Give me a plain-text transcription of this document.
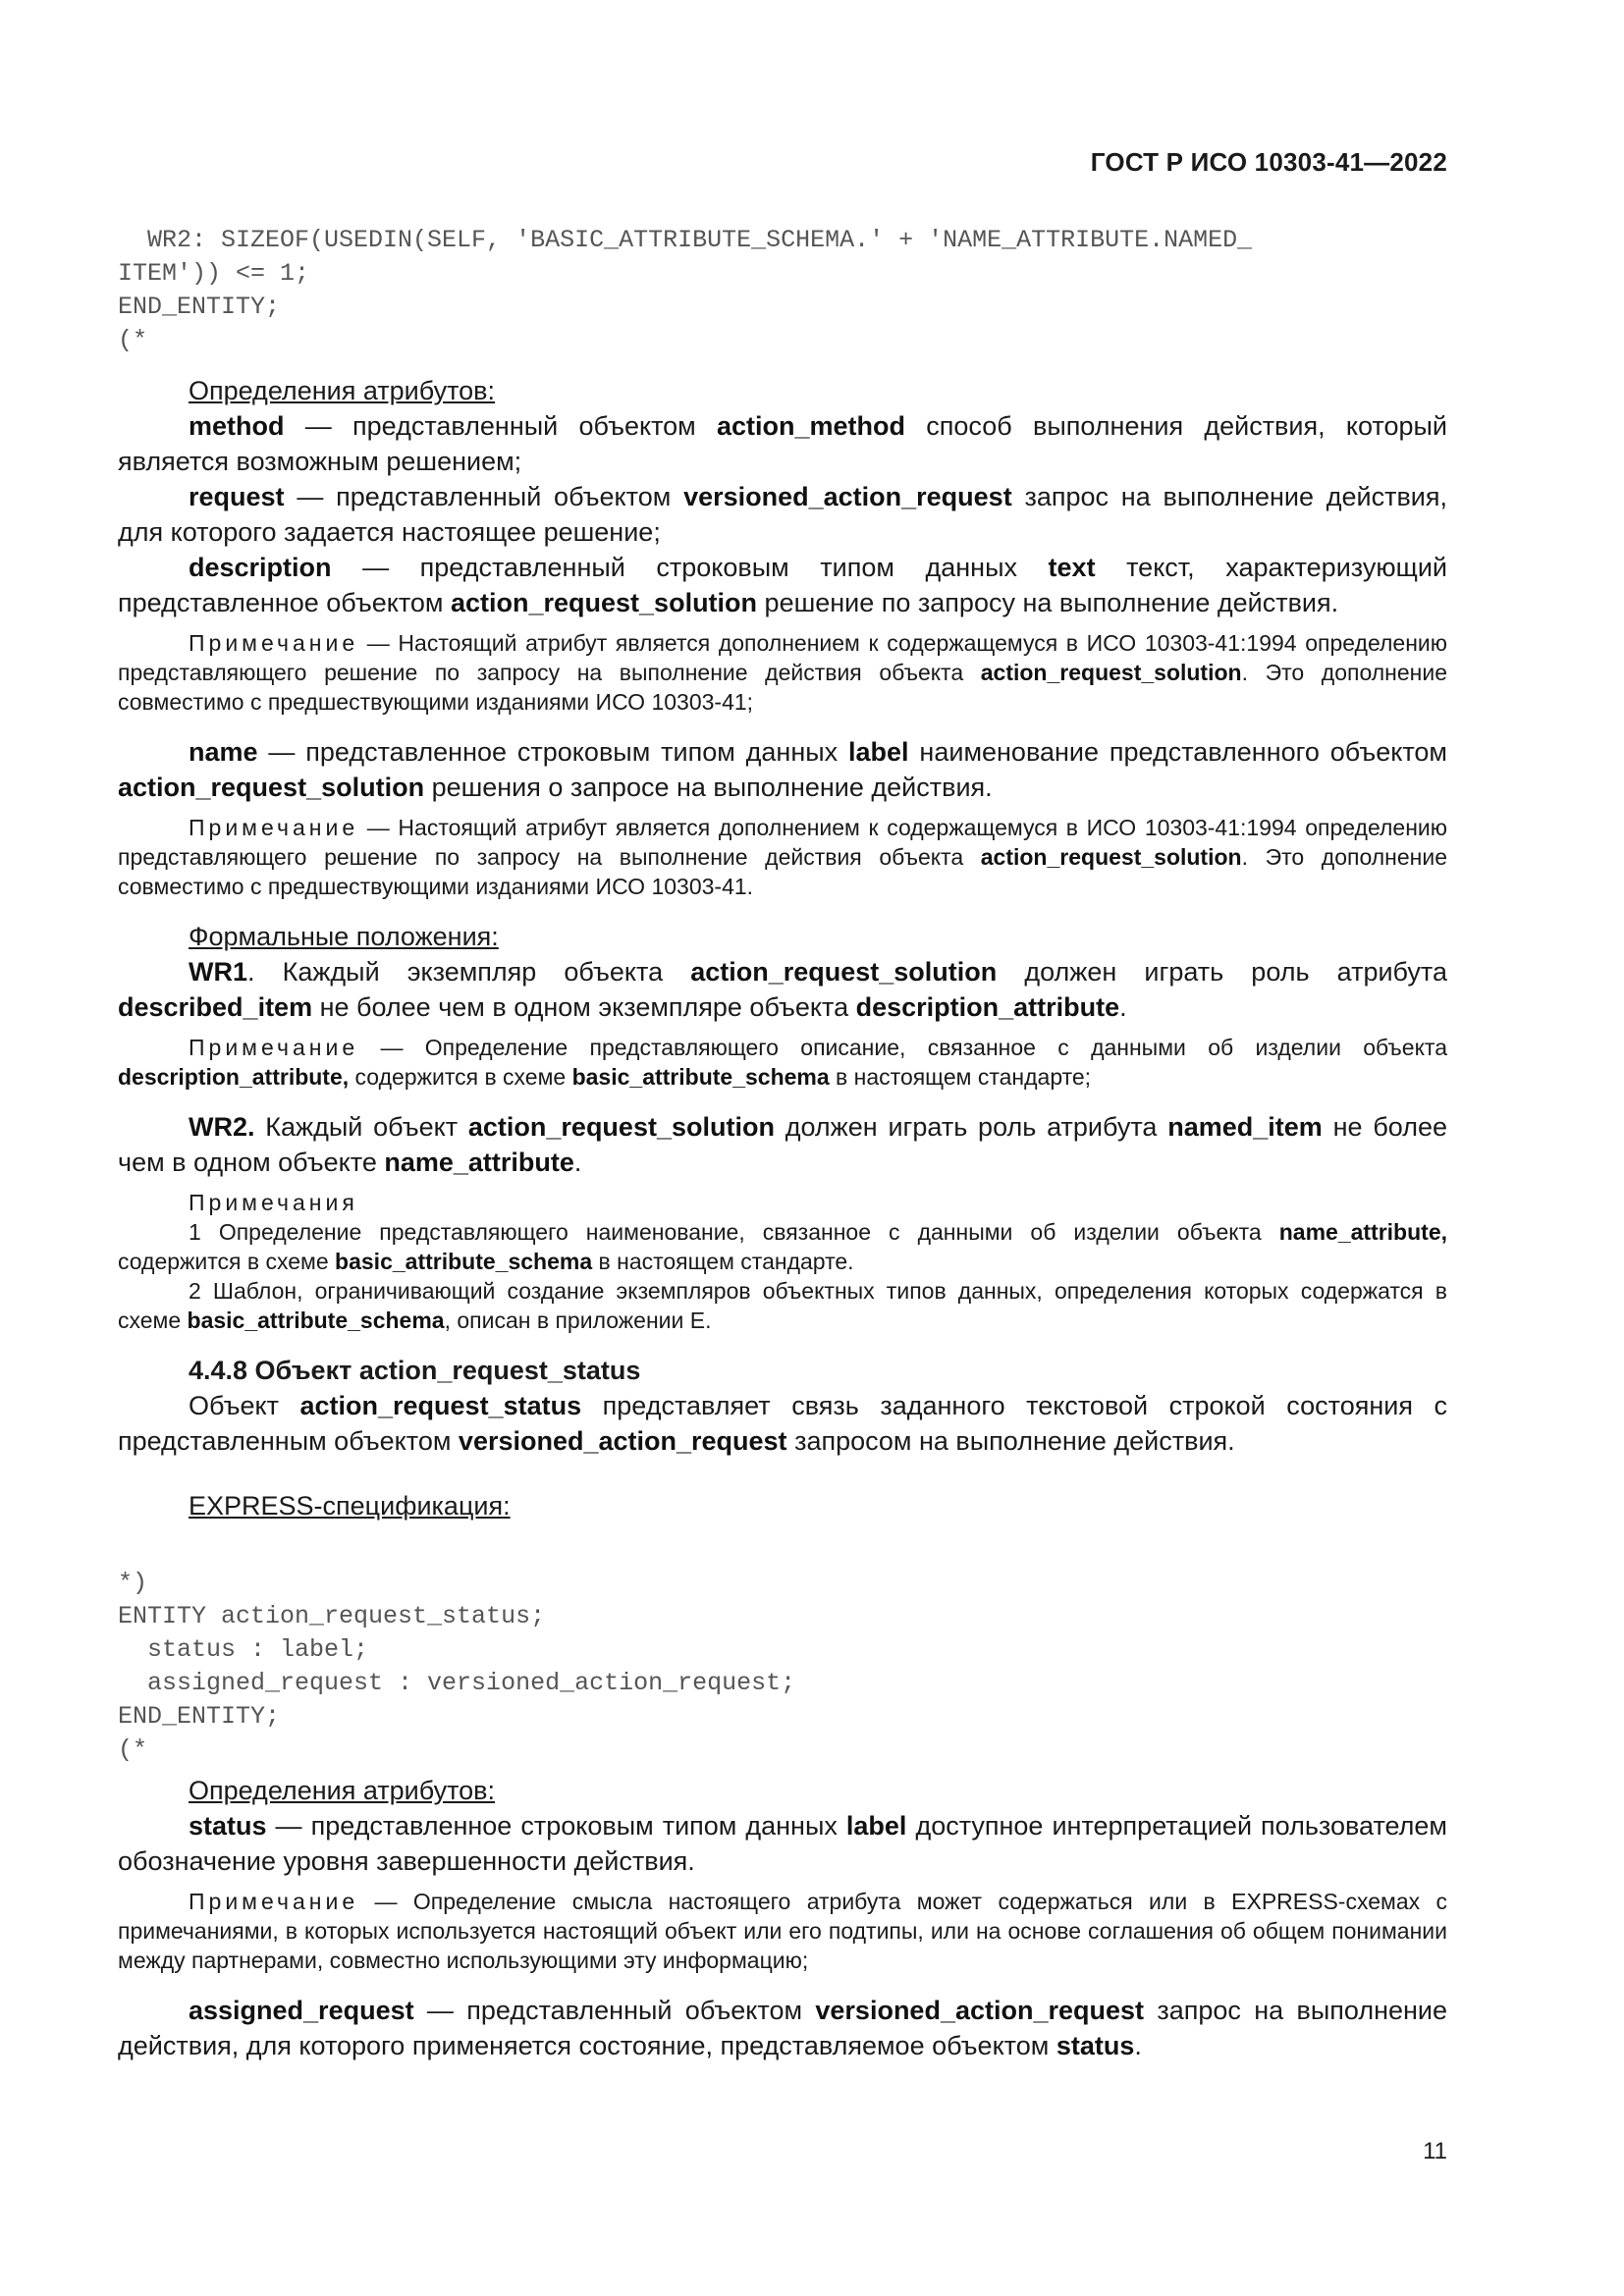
ГОСТ Р ИСО 10303-41—2022
WR2: SIZEOF(USEDIN(SELF, 'BASIC_ATTRIBUTE_SCHEMA.' + 'NAME_ATTRIBUTE.NAMED_
ITEM')) <= 1;
END_ENTITY;
(*

Определения атрибутов:

method — представленный объектом action_method способ выполнения действия, который является возможным решением;

request — представленный объектом versioned_action_request запрос на выполнение действия, для которого задается настоящее решение;

description — представленный строковым типом данных text текст, характеризующий представленное объектом action_request_solution решение по запросу на выполнение действия.

Примечание — Настоящий атрибут является дополнением к содержащемуся в ИСО 10303-41:1994 определению представляющего решение по запросу на выполнение действия объекта action_request_solution. Это дополнение совместимо с предшествующими изданиями ИСО 10303-41;

name — представленное строковым типом данных label наименование представленного объектом action_request_solution решения о запросе на выполнение действия.

Примечание — Настоящий атрибут является дополнением к содержащемуся в ИСО 10303-41:1994 определению представляющего решение по запросу на выполнение действия объекта action_request_solution. Это дополнение совместимо с предшествующими изданиями ИСО 10303-41.

Формальные положения:

WR1. Каждый экземпляр объекта action_request_solution должен играть роль атрибута described_item не более чем в одном экземпляре объекта description_attribute.

Примечание — Определение представляющего описание, связанное с данными об изделии объекта description_attribute, содержится в схеме basic_attribute_schema в настоящем стандарте;

WR2. Каждый объект action_request_solution должен играть роль атрибута named_item не более чем в одном объекте name_attribute.

Примечания

1 Определение представляющего наименование, связанное с данными об изделии объекта name_attribute, содержится в схеме basic_attribute_schema в настоящем стандарте.

2 Шаблон, ограничивающий создание экземпляров объектных типов данных, определения которых содержатся в схеме basic_attribute_schema, описан в приложении Е.

4.4.8 Объект action_request_status

Объект action_request_status представляет связь заданного текстовой строкой состояния с представленным объектом versioned_action_request запросом на выполнение действия.

EXPRESS-спецификация:

*)
ENTITY action_request_status;
status : label;
assigned_request : versioned_action_request;
END_ENTITY;
(*

Определения атрибутов:

status — представленное строковым типом данных label доступное интерпретацией пользователем обозначение уровня завершенности действия.

Примечание — Определение смысла настоящего атрибута может содержаться или в EXPRESS-схемах с примечаниями, в которых используется настоящий объект или его подтипы, или на основе соглашения об общем понимании между партнерами, совместно использующими эту информацию;

assigned_request — представленный объектом versioned_action_request запрос на выполнение действия, для которого применяется состояние, представляемое объектом status.

11
